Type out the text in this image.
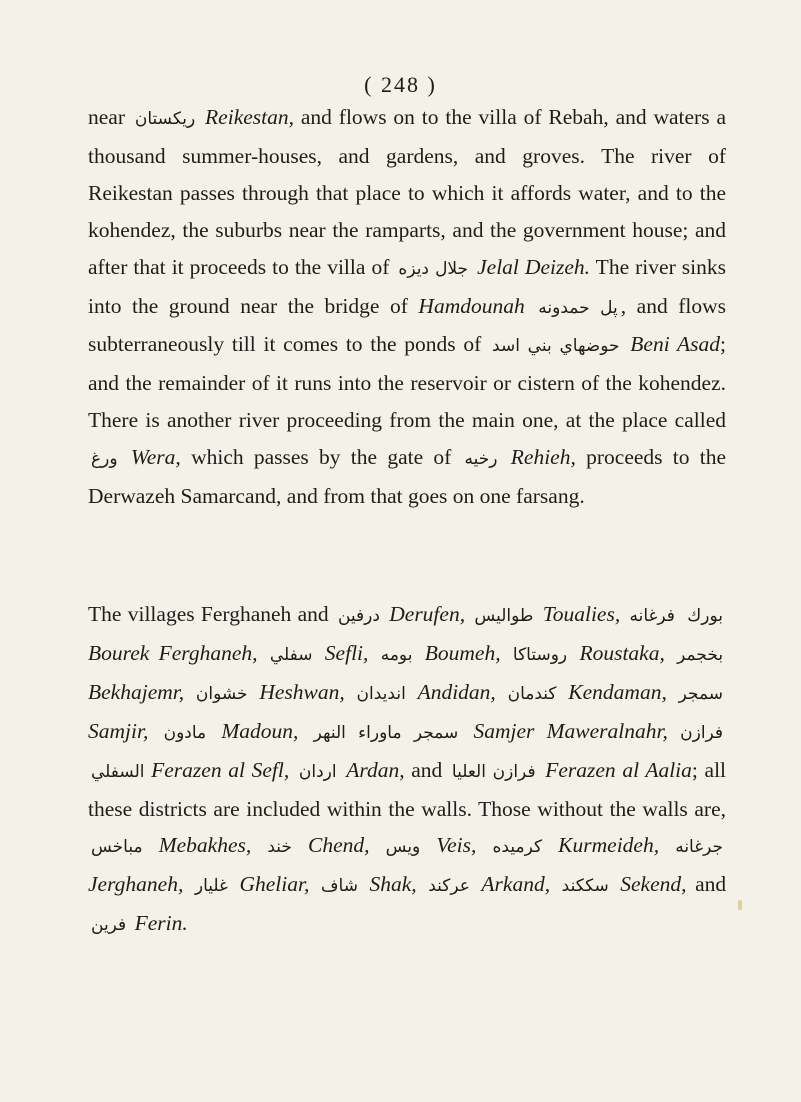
( 248 )
near ريكستان Reikestan, and flows on to the villa of Rebah, and waters a thousand summer-houses, and gardens, and groves. The river of Reikestan passes through that place to which it affords water, and to the kohendez, the suburbs near the ramparts, and the government house; and after that it proceeds to the villa of جلال ديزه Jelal Deizeh. The river sinks into the ground near the bridge of Hamdounah پل حمدونه , and flows subterraneously till it comes to the ponds of حوضهاي بني اسد Beni Asad; and the remainder of it runs into the reservoir or cistern of the kohendez. There is another river proceeding from the main one, at the place called ورغ Wera, which passes by the gate of رخيه Rehieh, proceeds to the Derwazeh Samarcand, and from that goes on one farsang.
The villages Ferghaneh and درفين Derufen, طواليس Toualies, فرغانه بورك Bourek Ferghaneh, سفلي Sefli, بومه Boumeh, روستاكا Roustaka, بخجمر Bekhajemr, خشوان Heshwan, انديدان Andidan, كندمان Kendaman, سمجر Samjir, مادون Madoun, سمجر ماوراء النهر Samjer Maweralnahr, فرازن السفلي Ferazen al Sefl, اردان Ardan, and فرازن العليا Ferazen al Aalia; all these districts are included within the walls. Those without the walls are, مباخس Mebakhes, خند Chend, ويس Veis, كرميده Kurmeideh, جرغانه Jerghaneh, غليار Gheliar, شاف Shak, عركند Arkand, سككند Sekend, and فرين Ferin.
